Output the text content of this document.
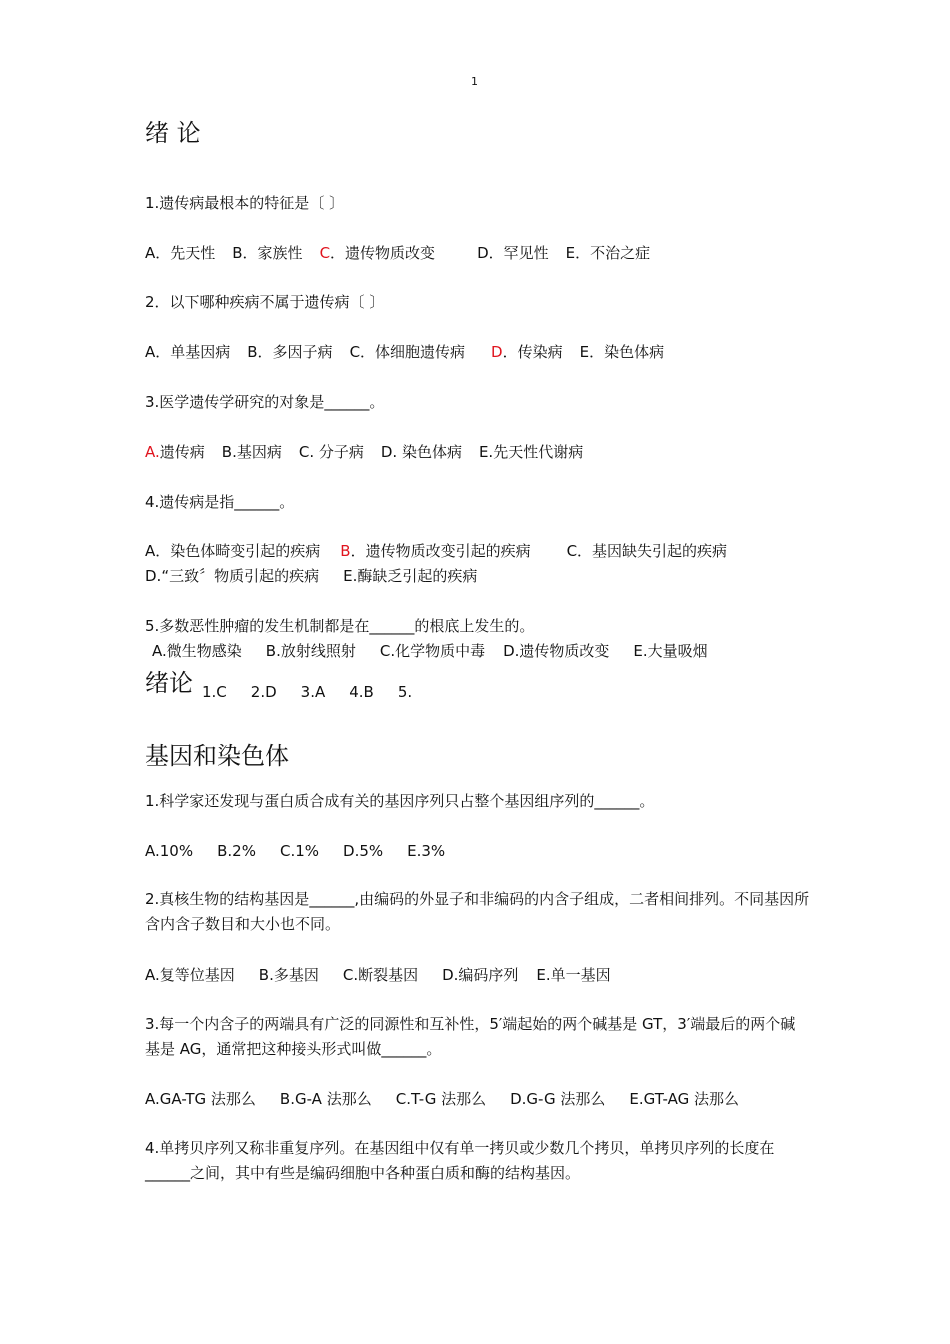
1
绪 论
1.遗传病最根本的特征是〔 〕
A．先天性 B．家族性 C．遗传物质改变	D．罕见性 E．不治之症
2．以下哪种疾病不属于遗传病〔 〕
A．单基因病 B．多因子病 C．体细胞遗传病 D．传染病 E．染色体病
3.医学遗传学研究的对象是______。
A.遗传病 B.基因病 C. 分子病 D. 染色体病 E.先天性代谢病
4.遗传病是指______。
A．染色体畸变引起的疾病 B．遗传物质改变引起的疾病 C．基因缺失引起的疾病
D.“三致〞物质引起的疾病 E.酶缺乏引起的疾病
5.多数恶性肿瘤的发生机制都是在______的根底上发生的。
A.微生物感染 B.放射线照射 C.化学物质中毒 D.遗传物质改变 E.大量吸烟
绪论 1.C 2.D 3.A 4.B 5.
基因和染色体
1.科学家还发现与蛋白质合成有关的基因序列只占整个基因组序列的______。
A.10% B.2% C.1% D.5% E.3%
2.真核生物的结构基因是______,由编码的外显子和非编码的内含子组成，二者相间排列。不同基因所含内含子数目和大小也不同。
A.复等位基因 B.多基因 C.断裂基因 D.编码序列 E.单一基因
3.每一个内含子的两端具有广泛的同源性和互补性，5′端起始的两个碱基是 GT，3′端最后的两个碱基是 AG，通常把这种接头形式叫做______。
A.GA-TG 法那么 B.G-A 法那么 C.T-G 法那么 D.G-G 法那么 E.GT-AG 法那么
4.单拷贝序列又称非重复序列。在基因组中仅有单一拷贝或少数几个拷贝，单拷贝序列的长度在______之间，其中有些是编码细胞中各种蛋白质和酶的结构基因。
